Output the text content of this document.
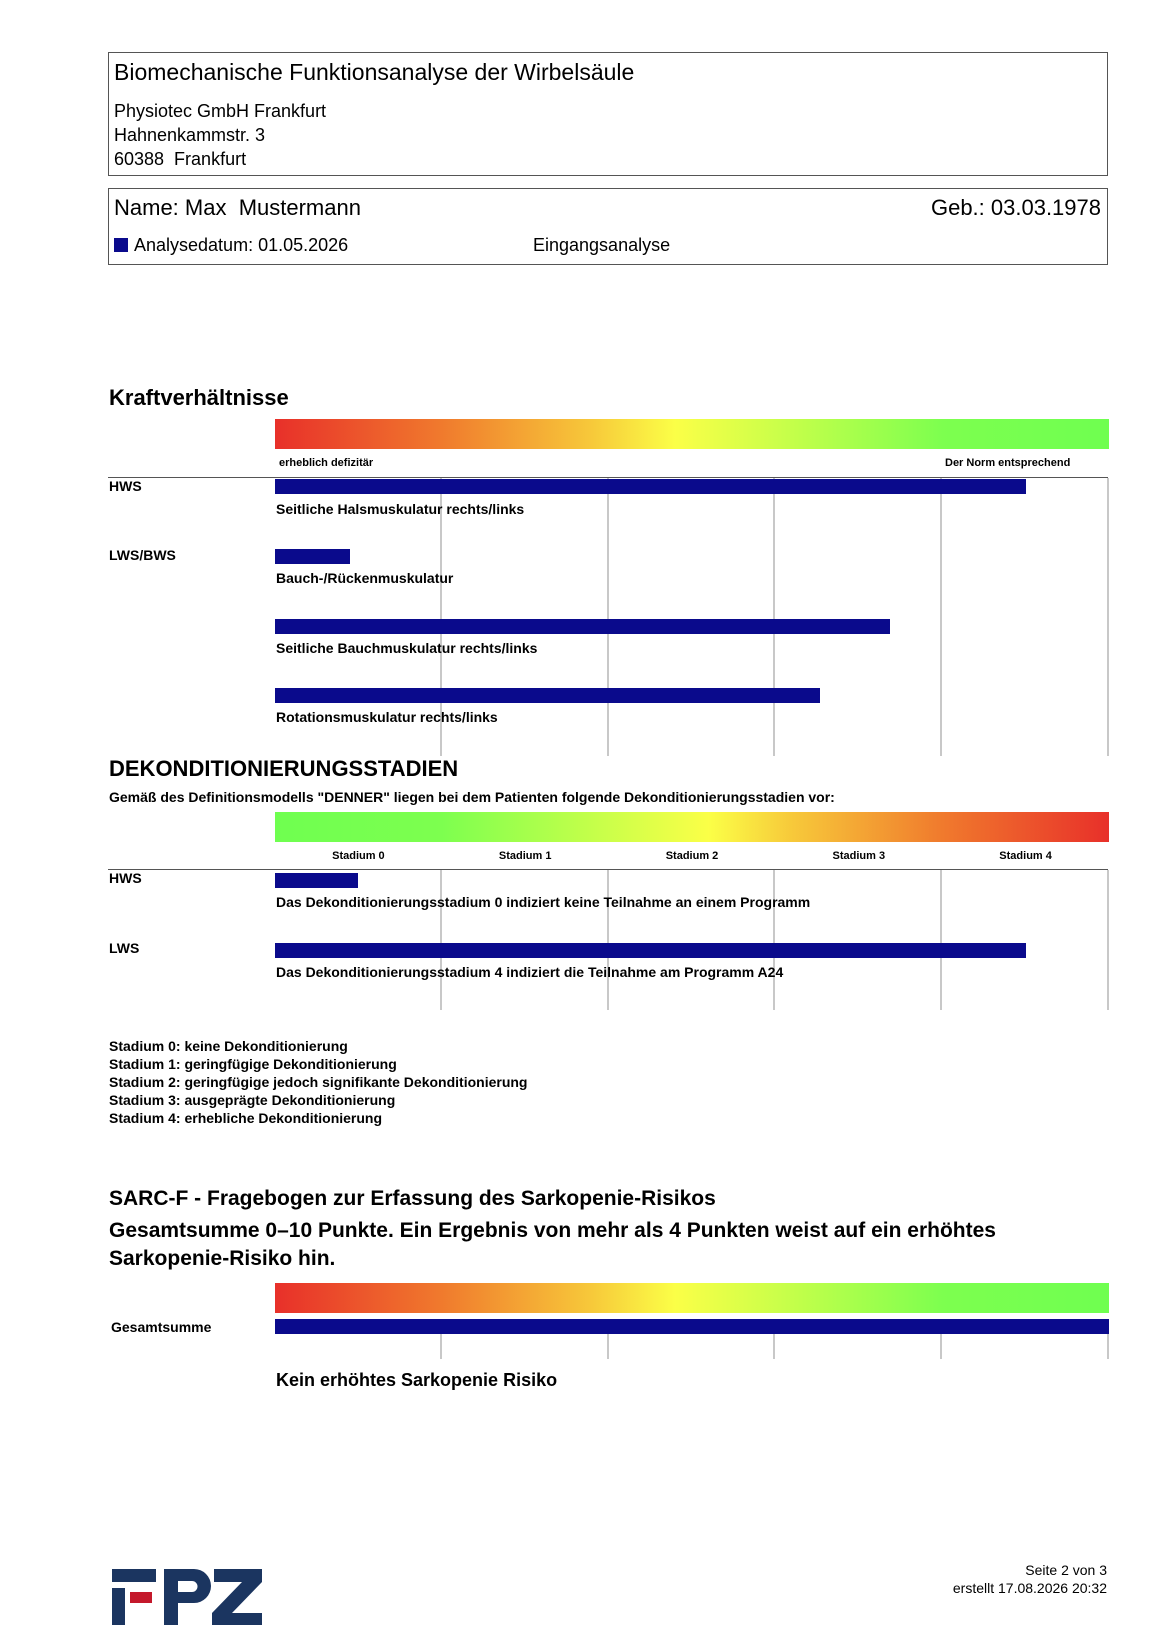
Biomechanische Funktionsanalyse der Wirbelsäule
Physiotec GmbH Frankfurt
Hahnenkammstr. 3
60388  Frankfurt
Name: Max  Mustermann	Geb.: 03.03.1978
Analysedatum: 01.05.2026	Eingangsanalyse
Kraftverhältnisse
erheblich defizitär	Der Norm entsprechend
HWS
LWS/BWS
Seitliche Halsmuskulatur rechts/links
Bauch-/Rückenmuskulatur
Seitliche Bauchmuskulatur rechts/links
Rotationsmuskulatur rechts/links
DEKONDITIONIERUNGSSTADIEN
Gemäß des Definitionsmodells "DENNER" liegen bei dem Patienten folgende Dekonditionierungsstadien vor:
Stadium 0	Stadium 1	Stadium 2	Stadium 3	Stadium 4
HWS
Das Dekonditionierungsstadium 0 indiziert keine Teilnahme an einem Programm
LWS
Das Dekonditionierungsstadium 4 indiziert die Teilnahme am Programm A24
Stadium 0: keine Dekonditionierung
Stadium 1: geringfügige Dekonditionierung
Stadium 2: geringfügige jedoch signifikante Dekonditionierung
Stadium 3: ausgeprägte Dekonditionierung
Stadium 4: erhebliche Dekonditionierung
SARC-F - Fragebogen zur Erfassung des Sarkopenie-Risikos
Gesamtsumme 0–10 Punkte. Ein Ergebnis von mehr als 4 Punkten weist auf ein erhöhtes Sarkopenie-Risiko hin.
Gesamtsumme
Kein erhöhtes Sarkopenie Risiko
Seite 2 von 3
erstellt 17.08.2026 20:32
